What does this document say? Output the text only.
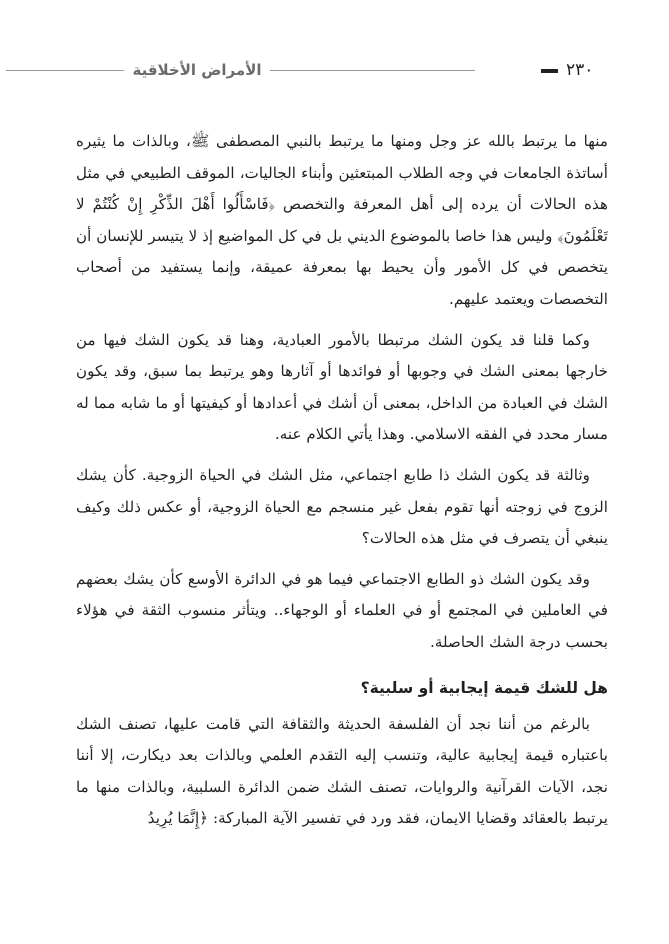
الأمراض الأخلاقية	٢٣٠

منها ما يرتبط بالله عز وجل ومنها ما يرتبط بالنبي المصطفى ﷺ، وبالذات ما يثيره أساتذة الجامعات في وجه الطلاب المبتعثين وأبناء الجاليات، الموقف الطبيعي في مثل هذه الحالات أن يرده إلى أهل المعرفة والتخصص ﴿فَاسْأَلُوا أَهْلَ الذِّكْرِ إِنْ كُنْتُمْ لا تَعْلَمُونَ﴾ وليس هذا خاصا بالموضوع الديني بل في كل المواضيع إذ لا يتيسر للإنسان أن يتخصص في كل الأمور وأن يحيط بها بمعرفة عميقة، وإنما يستفيد من أصحاب التخصصات ويعتمد عليهم.

وكما قلنا قد يكون الشك مرتبطا بالأمور العبادية، وهنا قد يكون الشك فيها من خارجها بمعنى الشك في وجوبها أو فوائدها أو آثارها وهو يرتبط بما سبق، وقد يكون الشك في العبادة من الداخل، بمعنى أن أشك في أعدادها أو كيفيتها أو ما شابه مما له مسار محدد في الفقه الاسلامي. وهذا يأتي الكلام عنه.

وثالثة قد يكون الشك ذا طابع اجتماعي، مثل الشك في الحياة الزوجية. كأن يشك الزوج في زوجته أنها تقوم بفعل غير منسجم مع الحياة الزوجية، أو عكس ذلك وكيف ينبغي أن يتصرف في مثل هذه الحالات؟

وقد يكون الشك ذو الطابع الاجتماعي فيما هو في الدائرة الأوسع كأن يشك بعضهم في العاملين في المجتمع أو في العلماء أو الوجهاء.. ويتأثر منسوب الثقة في هؤلاء بحسب درجة الشك الحاصلة.

هل للشك قيمة إيجابية أو سلبية؟

بالرغم من أننا نجد أن الفلسفة الحديثة والثقافة التي قامت عليها، تصنف الشك باعتباره قيمة إيجابية عالية، وتنسب إليه التقدم العلمي وبالذات بعد ديكارت، إلا أننا نجد، الآيات القرآنية والروايات، تصنف الشك ضمن الدائرة السلبية، وبالذات منها ما يرتبط بالعقائد وقضايا الايمان، فقد ورد في تفسير الآية المباركة: ﴿إِنَّمَا يُرِيدُ
